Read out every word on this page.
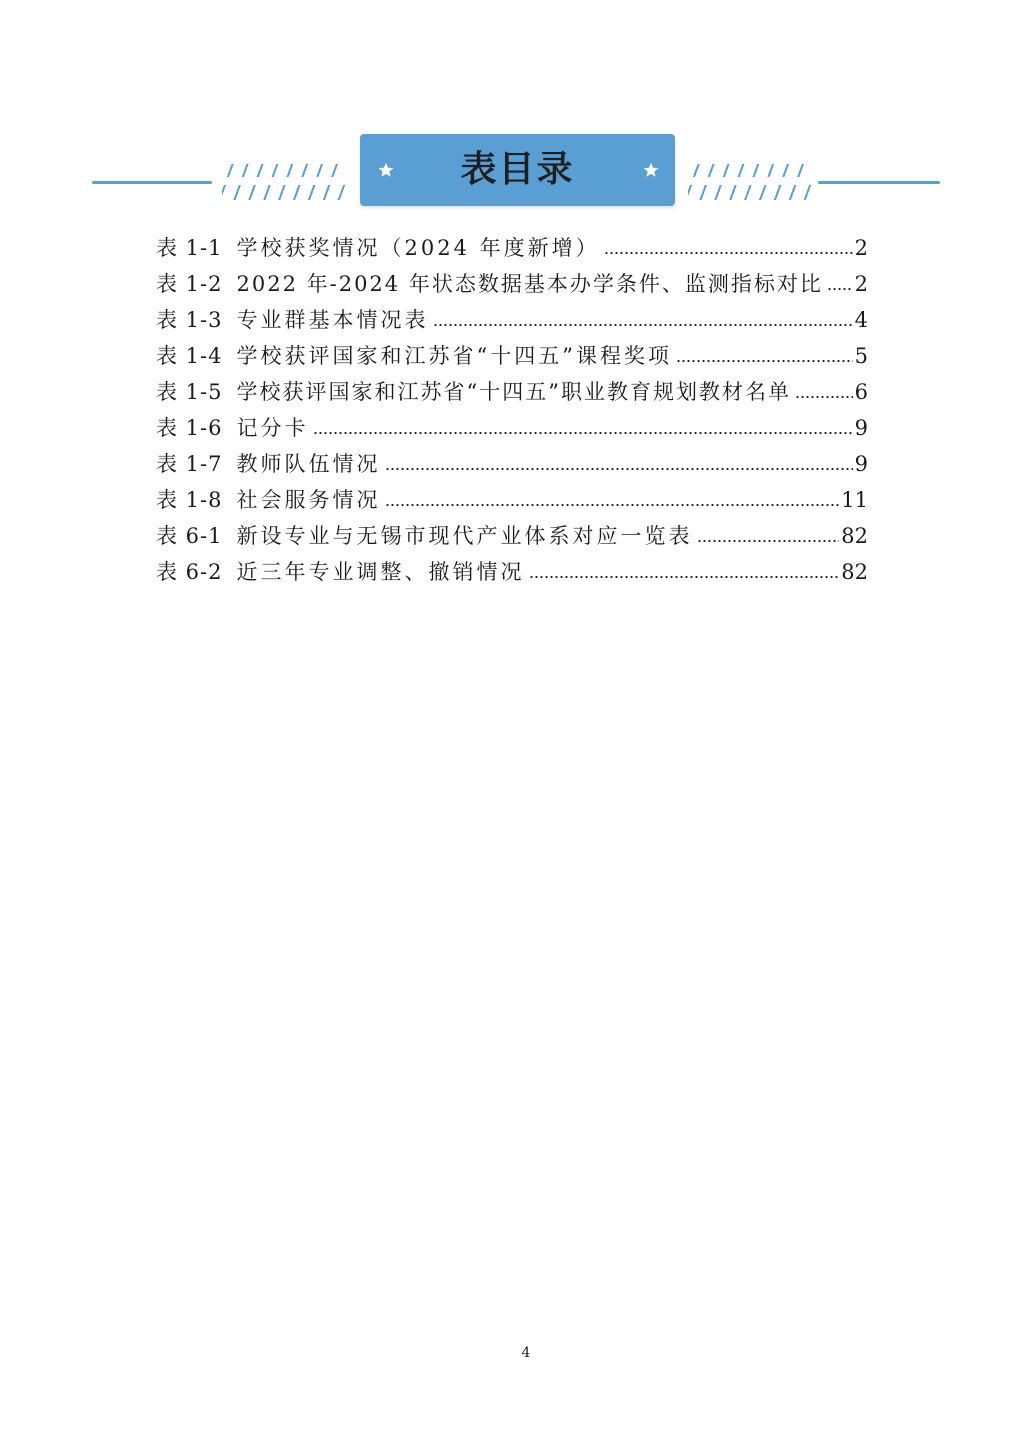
表目录
表 1-1 学校获奖情况（2024 年度新增）	2
表 1-2 2022 年-2024 年状态数据基本办学条件、监测指标对比 2
表 1-3 专业群基本情况表	4
表 1-4 学校获评国家和江苏省“十四五”课程奖项	5
表 1-5 学校获评国家和江苏省“十四五”职业教育规划教材名单	6
表 1-6 记分卡	9
表 1-7 教师队伍情况	9
表 1-8 社会服务情况	11
表 6-1 新设专业与无锡市现代产业体系对应一览表	82
表 6-2 近三年专业调整、撤销情况	82
4
